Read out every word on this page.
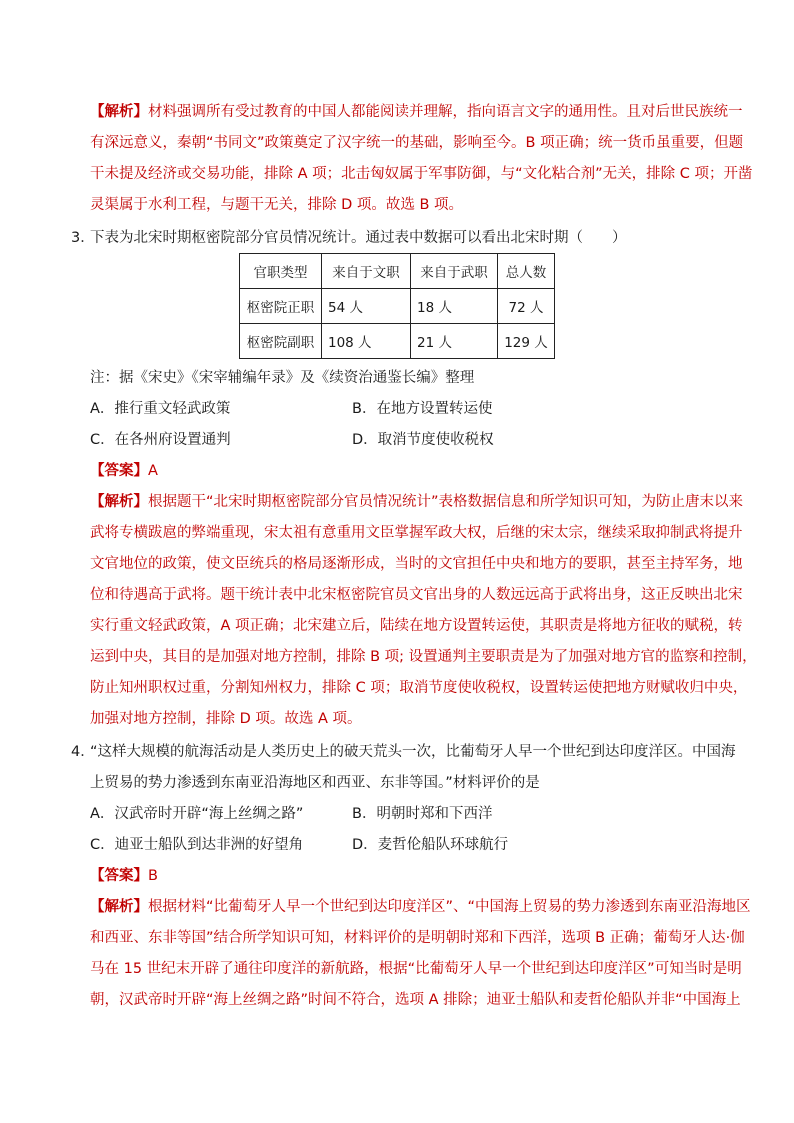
【解析】材料强调所有受过教育的中国人都能阅读并理解，指向语言文字的通用性。且对后世民族统一
有深远意义，秦朝“书同文”政策奠定了汉字统一的基础，影响至今。B 项正确；统一货币虽重要，但题
干未提及经济或交易功能，排除 A 项；北击匈奴属于军事防御，与“文化粘合剂”无关，排除 C 项；开凿
灵渠属于水利工程，与题干无关，排除 D 项。故选 B 项。
3．
下表为北宋时期枢密院部分官员情况统计。通过表中数据可以看出北宋时期（　　）
官职类型	来自于文职	来自于武职	总人数
枢密院正职	54 人	18 人	72 人
枢密院副职	108 人	21 人	129 人
注：据《宋史》《宋宰辅编年录》及《续资治通鉴长编》整理
A．推行重文轻武政策	B．在地方设置转运使
C．在各州府设置通判	D．取消节度使收税权
【答案】A
【解析】根据题干“北宋时期枢密院部分官员情况统计”表格数据信息和所学知识可知，为防止唐末以来
武将专横跋扈的弊端重现，宋太祖有意重用文臣掌握军政大权，后继的宋太宗，继续采取抑制武将提升
文官地位的政策，使文臣统兵的格局逐渐形成，当时的文官担任中央和地方的要职，甚至主持军务，地
位和待遇高于武将。题干统计表中北宋枢密院官员文官出身的人数远远高于武将出身，这正反映出北宋
实行重文轻武政策，A 项正确；北宋建立后，陆续在地方设置转运使，其职责是将地方征收的赋税，转
运到中央，其目的是加强对地方控制，排除 B 项; 设置通判主要职责是为了加强对地方官的监察和控制，
防止知州职权过重，分割知州权力，排除 C 项；取消节度使收税权，设置转运使把地方财赋收归中央，
加强对地方控制，排除 D 项。故选 A 项。
4．
“这样大规模的航海活动是人类历史上的破天荒头一次，比葡萄牙人早一个世纪到达印度洋区。中国海
上贸易的势力渗透到东南亚沿海地区和西亚、东非等国。”材料评价的是
A．汉武帝时开辟“海上丝绸之路”	B．明朝时郑和下西洋
C．迪亚士船队到达非洲的好望角	D．麦哲伦船队环球航行
【答案】B
【解析】根据材料“比葡萄牙人早一个世纪到达印度洋区”、“中国海上贸易的势力渗透到东南亚沿海地区
和西亚、东非等国”结合所学知识可知，材料评价的是明朝时郑和下西洋，选项 B 正确；葡萄牙人达·伽
马在 15 世纪末开辟了通往印度洋的新航路，根据“比葡萄牙人早一个世纪到达印度洋区”可知当时是明
朝，汉武帝时开辟“海上丝绸之路”时间不符合，选项 A 排除；迪亚士船队和麦哲伦船队并非“中国海上
